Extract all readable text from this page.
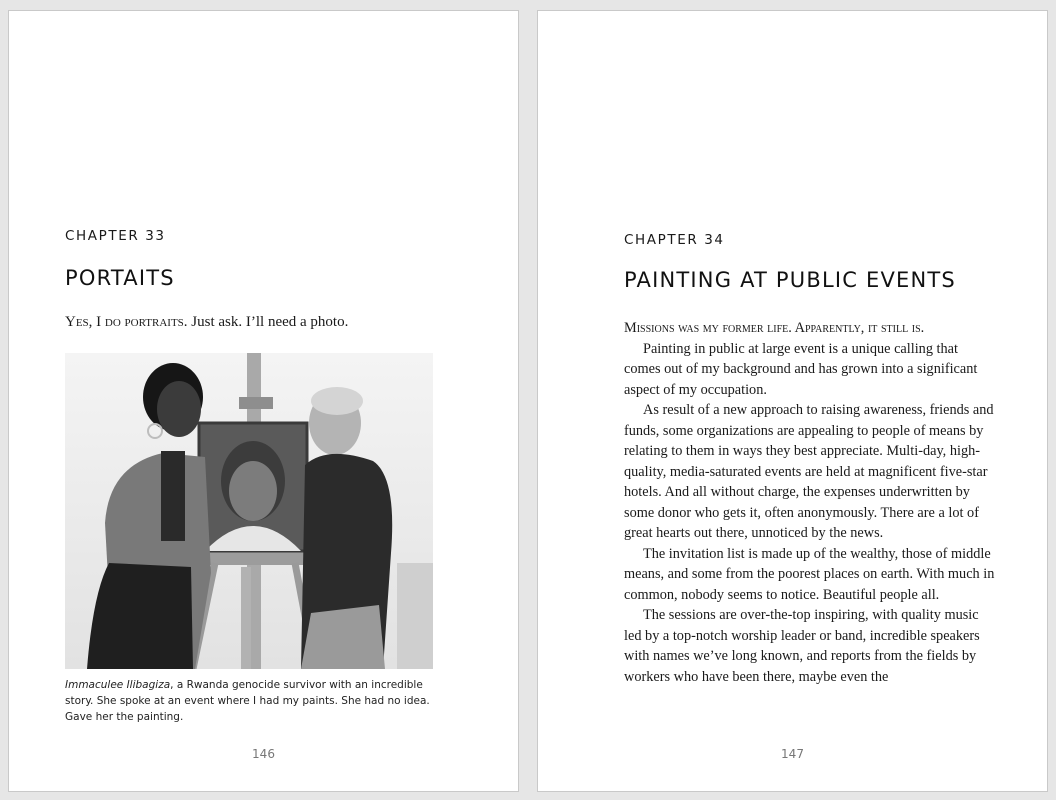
CHAPTER 33
PORTAITS
Yes, I do portraits. Just ask. I’ll need a photo.
Immaculee Ilibagiza, a Rwanda genocide survivor with an incredible story. She spoke at an event where I had my paints. She had no idea. Gave her the painting.
146
CHAPTER 34
PAINTING AT PUBLIC EVENTS

Missions was my former life. Apparently, it still is.

Painting in public at large event is a unique calling that comes out of my background and has grown into a significant aspect of my occupation.

As result of a new approach to raising awareness, friends and funds, some organizations are appealing to people of means by relating to them in ways they best appreciate. Multi-day, high-quality, media-saturated events are held at magnificent five-star hotels. And all without charge, the expenses underwritten by some donor who gets it, often anonymously. There are a lot of great hearts out there, unnoticed by the news.

The invitation list is made up of the wealthy, those of middle means, and some from the poorest places on earth. With much in common, nobody seems to notice. Beautiful people all.

The sessions are over-the-top inspiring, with quality music led by a top-notch worship leader or band, incredible speakers with names we’ve long known, and reports from the fields by workers who have been there, maybe even the

147
